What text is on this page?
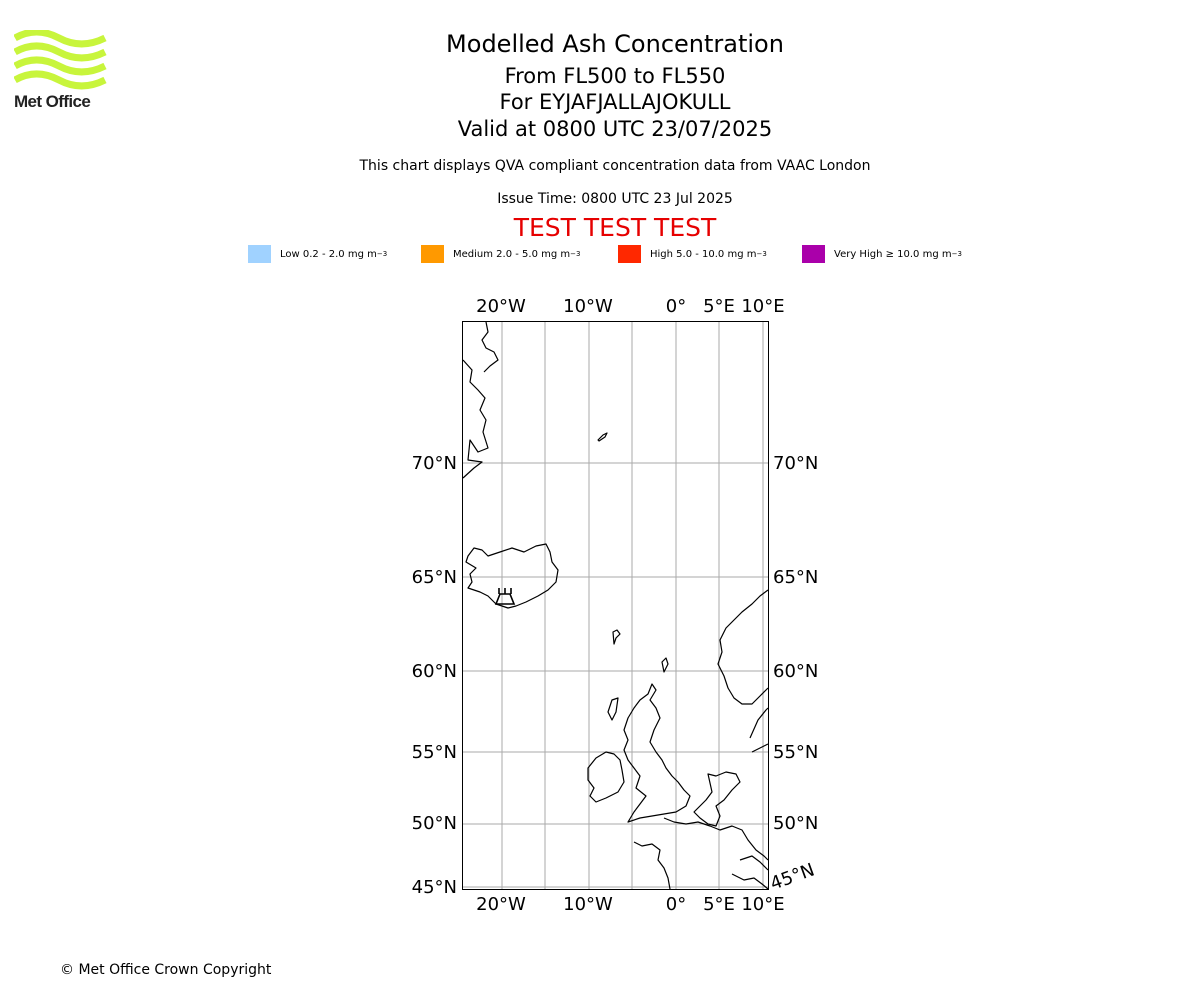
Met Office
Modelled Ash Concentration
From FL500 to FL550
For EYJAFJALLAJOKULL
Valid at 0800 UTC 23/07/2025
This chart displays QVA compliant concentration data from VAAC London
Issue Time: 0800 UTC 23 Jul 2025
TEST TEST TEST
Low 0.2 - 2.0 mg m −3	Medium 2.0 - 5.0 mg m −3	High 5.0 - 10.0 mg m −3	Very High ≥ 10.0 mg m −3
20°W 10°W	0° 5°E 10°E
20°W 10°W	0° 5°E 10°E
70°N
65°N
60°N
55°N
50°N
45°N
70°N
65°N
60°N
55°N
50°N
45°N
© Met Office Crown Copyright
